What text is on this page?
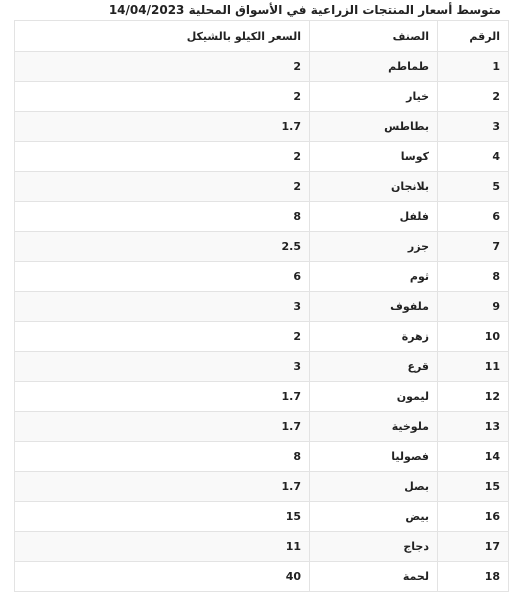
متوسط أسعار المنتجات الزراعية في الأسواق المحلية 14/04/2023
الرقم	الصنف	السعر الكيلو بالشيكل
1	طماطم	2
2	خيار	2
3	بطاطس	1.7
4	كوسا	2
5	بلانجان	2
6	فلفل	8
7	جزر	2.5
8	ثوم	6
9	ملفوف	3
10	زهرة	2
11	قرع	3
12	ليمون	1.7
13	ملوخية	1.7
14	فصوليا	8
15	بصل	1.7
16	بيض	15
17	دجاج	11
18	لحمة	40
